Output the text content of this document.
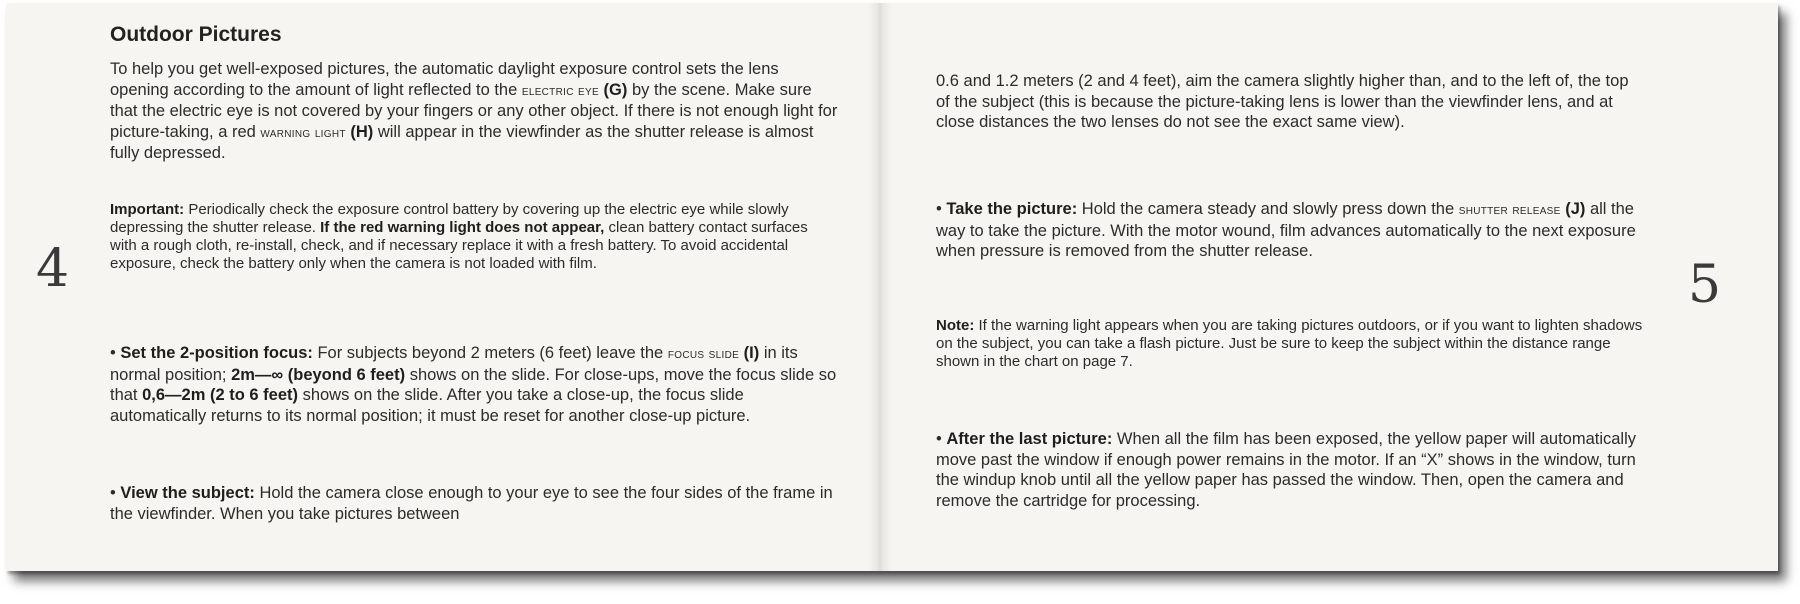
Outdoor Pictures

To help you get well-exposed pictures, the automatic daylight exposure control sets the lens opening according to the amount of light reflected to the electric eye (G) by the scene. Make sure that the electric eye is not covered by your fingers or any other object. If there is not enough light for picture-taking, a red warning light (H) will appear in the viewfinder as the shutter release is almost fully depressed.

Important: Periodically check the exposure control battery by covering up the electric eye while slowly depressing the shutter release. If the red warning light does not appear, clean battery contact surfaces with a rough cloth, re-install, check, and if necessary replace it with a fresh battery. To avoid accidental exposure, check the battery only when the camera is not loaded with film.

4

• Set the 2-position focus: For subjects beyond 2 meters (6 feet) leave the focus slide (I) in its normal position; 2m—∞ (beyond 6 feet) shows on the slide. For close-ups, move the focus slide so that 0,6—2m (2 to 6 feet) shows on the slide. After you take a close-up, the focus slide automatically returns to its normal position; it must be reset for another close-up picture.

• View the subject: Hold the camera close enough to your eye to see the four sides of the frame in the viewfinder. When you take pictures between

0.6 and 1.2 meters (2 and 4 feet), aim the camera slightly higher than, and to the left of, the top of the subject (this is because the picture-taking lens is lower than the viewfinder lens, and at close distances the two lenses do not see the exact same view).

• Take the picture: Hold the camera steady and slowly press down the shutter release (J) all the way to take the picture. With the motor wound, film advances automatically to the next exposure when pressure is removed from the shutter release.

Note: If the warning light appears when you are taking pictures outdoors, or if you want to lighten shadows on the subject, you can take a flash picture. Just be sure to keep the subject within the distance range shown in the chart on page 7.

5

• After the last picture: When all the film has been exposed, the yellow paper will automatically move past the window if enough power remains in the motor. If an “X” shows in the window, turn the windup knob until all the yellow paper has passed the window. Then, open the camera and remove the cartridge for processing.
